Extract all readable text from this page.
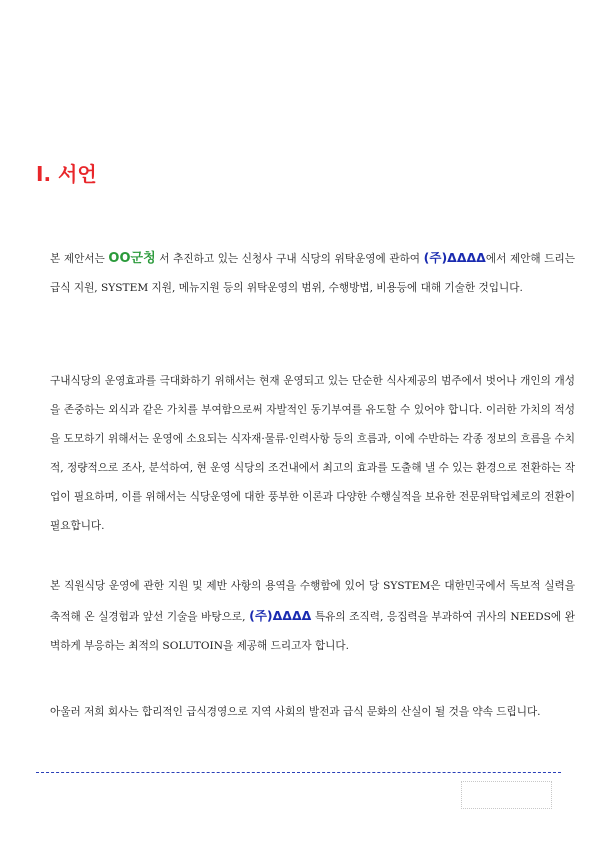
Ⅰ. 서언

본 제안서는 OO군청 서 추진하고 있는 신청사 구내 식당의 위탁운영에 관하여 (주)ΔΔΔΔ에서 제안해 드리는 급식 지원, SYSTEM 지원, 메뉴지원 등의 위탁운영의 범위, 수행방법, 비용등에 대해 기술한 것입니다.

구내식당의 운영효과를 극대화하기 위해서는 현재 운영되고 있는 단순한 식사제공의 범주에서 벗어나 개인의 개성을 존중하는 외식과 같은 가치를 부여함으로써 자발적인 동기부여를 유도할 수 있어야 합니다. 이러한 가치의 적성을 도모하기 위해서는 운영에 소요되는 식자재·물류·인력사항 등의 흐름과, 이에 수반하는 각종 정보의 흐름을 수치적, 정량적으로 조사, 분석하여, 현 운영 식당의 조건내에서 최고의 효과를 도출해 낼 수 있는 환경으로 전환하는 작업이 필요하며, 이를 위해서는 식당운영에 대한 풍부한 이론과 다양한 수행실적을 보유한 전문위탁업체로의 전환이 필요합니다.

본 직원식당 운영에 관한 지원 및 제반 사항의 용역을 수행함에 있어 당 SYSTEM은 대한민국에서 독보적 실력을 축적해 온 실경험과 앞선 기술을 바탕으로, (주)ΔΔΔΔ 특유의 조직력, 응집력을 부과하여 귀사의 NEEDS에 완벽하게 부응하는 최적의 SOLUTOIN을 제공해 드리고자 합니다.

아울러 저희 회사는 합리적인 급식경영으로 지역 사회의 발전과 급식 문화의 산실이 될 것을 약속 드립니다.
